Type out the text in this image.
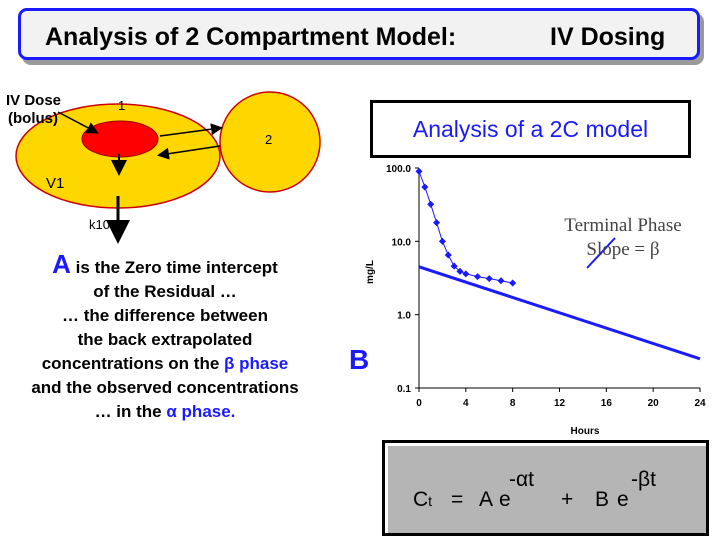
Analysis of 2 Compartment Model:	IV Dosing
IV Dose
(bolus)
1
2
V1
k10
Analysis of a 2C model
A is the Zero time intercept
of the Residual …
… the difference between
the back extrapolated
concentrations on the β phase
and the observed concentrations
… in the α phase.
B
mg/L
Hours
100.0
10.0
1.0
0.1
0	4	8	12	16	20	24
Terminal Phase
Slope = β
Ct = A e
-αt
+ B e
-βt
